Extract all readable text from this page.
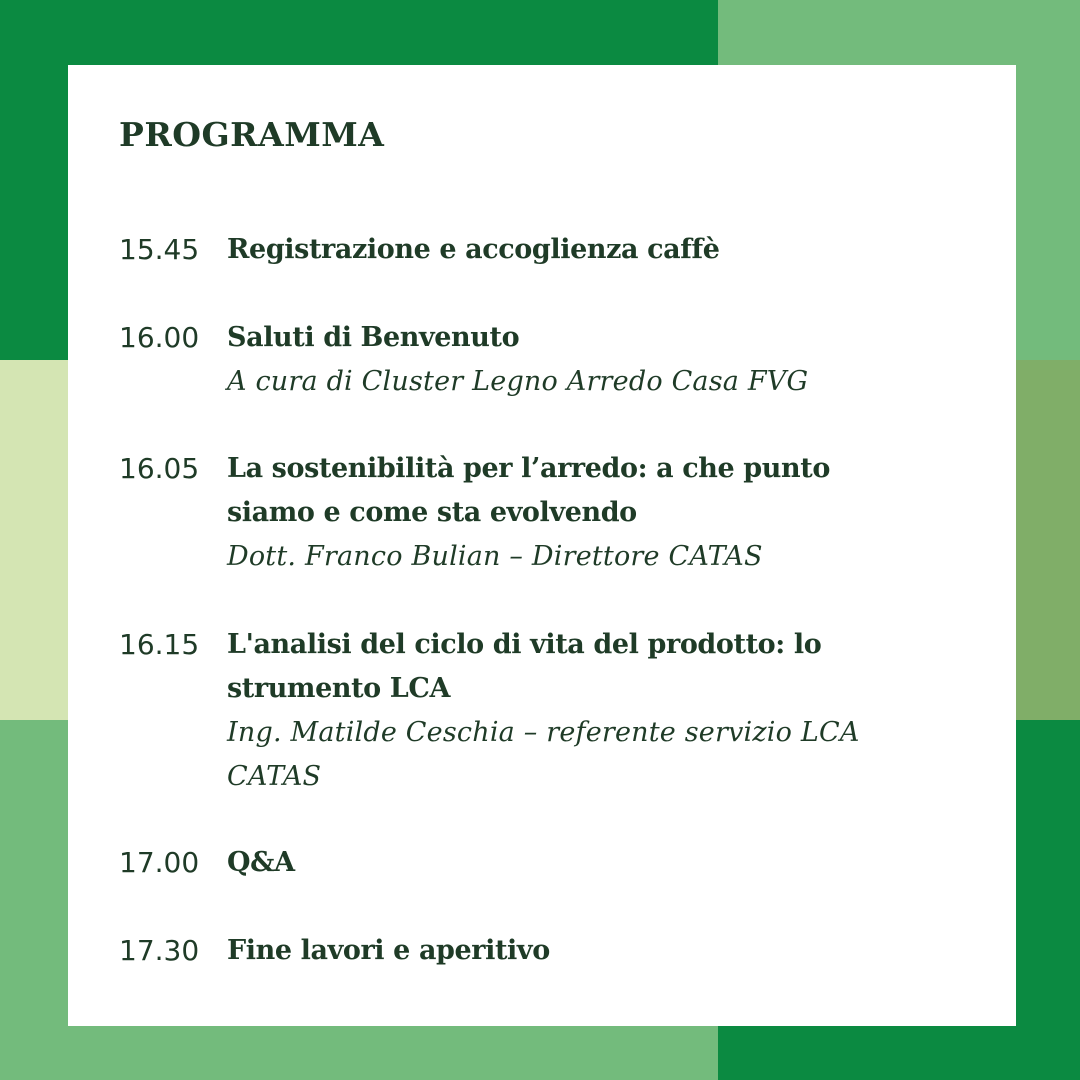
PROGRAMMA
15.45	Registrazione e accoglienza caffè
16.00	Saluti di Benvenuto
A cura di Cluster Legno Arredo Casa FVG
16.05	La sostenibilità per l’arredo: a che punto
siamo e come sta evolvendo
Dott. Franco Bulian – Direttore CATAS
16.15	L'analisi del ciclo di vita del prodotto: lo
strumento LCA
Ing. Matilde Ceschia – referente servizio LCA
CATAS
17.00	Q&A
17.30	Fine lavori e aperitivo
